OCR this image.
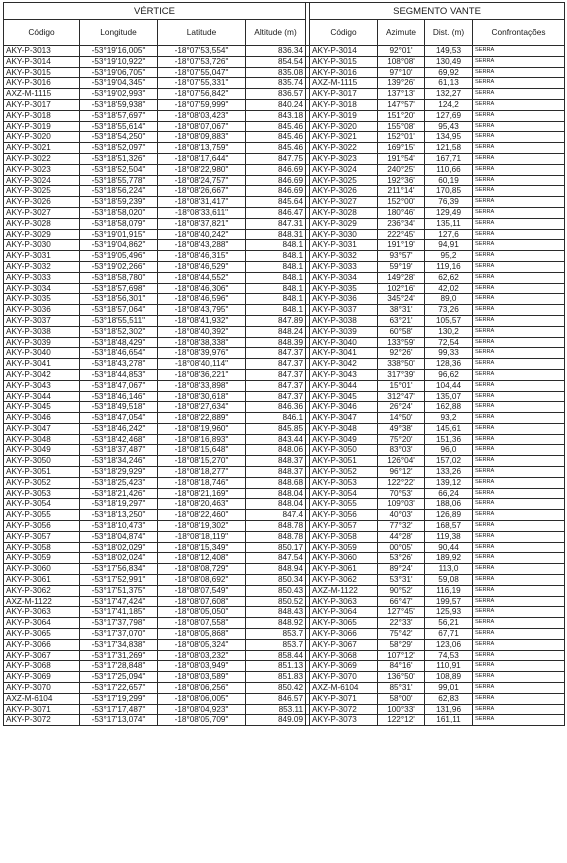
VÉRTICE					SEGMENTO VANTE			
Código	Longitude	Latitude	Altitude (m)		Código	Azimute	Dist. (m)	Confrontações
AKY-P-3013	-53°19'16,005"	-18°07'53,554"	836.34		AKY-P-3014	92°01'	149,53	SERRA
AKY-P-3014	-53°19'10,922"	-18°07'53,726"	854.54		AKY-P-3015	108°08'	130,49	SERRA
AKY-P-3015	-53°19'06,705"	-18°07'55,047"	835.08		AKY-P-3016	97°10'	69,92	SERRA
AKY-P-3016	-53°19'04,345"	-18°07'55,331"	835.74		AXZ-M-1115	139°26'	61,13	SERRA
AXZ-M-1115	-53°19'02,993"	-18°07'56,842"	836.57		AKY-P-3017	137°13'	132,27	SERRA
AKY-P-3017	-53°18'59,938"	-18°07'59,999"	840.24		AKY-P-3018	147°57'	124,2	SERRA
AKY-P-3018	-53°18'57,697"	-18°08'03,423"	843.18		AKY-P-3019	151°20'	127,69	SERRA
AKY-P-3019	-53°18'55,614"	-18°08'07,067"	845.46		AKY-P-3020	155°08'	95,43	SERRA
AKY-P-3020	-53°18'54,250"	-18°08'09,883"	845.46		AKY-P-3021	152°01'	134,95	SERRA
AKY-P-3021	-53°18'52,097"	-18°08'13,759"	845.46		AKY-P-3022	169°15'	121,58	SERRA
AKY-P-3022	-53°18'51,326"	-18°08'17,644"	847.75		AKY-P-3023	191°54'	167,71	SERRA
AKY-P-3023	-53°18'52,504"	-18°08'22,980"	846.69		AKY-P-3024	240°25'	110,66	SERRA
AKY-P-3024	-53°18'55,778"	-18°08'24,757"	846.69		AKY-P-3025	192°36'	60,19	SERRA
AKY-P-3025	-53°18'56,224"	-18°08'26,667"	846.69		AKY-P-3026	211°14'	170,85	SERRA
AKY-P-3026	-53°18'59,239"	-18°08'31,417"	845.64		AKY-P-3027	152°00'	76,39	SERRA
AKY-P-3027	-53°18'58,020"	-18°08'33,611"	846.47		AKY-P-3028	180°46'	129,49	SERRA
AKY-P-3028	-53°18'58,079"	-18°08'37,821"	847.31		AKY-P-3029	236°34'	135,11	SERRA
AKY-P-3029	-53°19'01,915"	-18°08'40,242"	848.31		AKY-P-3030	222°45'	127,6	SERRA
AKY-P-3030	-53°19'04,862"	-18°08'43,288"	848.1		AKY-P-3031	191°19'	94,91	SERRA
AKY-P-3031	-53°19'05,496"	-18°08'46,315"	848.1		AKY-P-3032	93°57'	95,2	SERRA
AKY-P-3032	-53°19'02,266"	-18°08'46,529"	848.1		AKY-P-3033	59°19'	119,16	SERRA
AKY-P-3033	-53°18'58,780"	-18°08'44,552"	848.1		AKY-P-3034	149°28'	62,62	SERRA
AKY-P-3034	-53°18'57,698"	-18°08'46,306"	848.1		AKY-P-3035	102°16'	42,02	SERRA
AKY-P-3035	-53°18'56,301"	-18°08'46,596"	848.1		AKY-P-3036	345°24'	89,0	SERRA
AKY-P-3036	-53°18'57,064"	-18°08'43,795"	848.1		AKY-P-3037	38°31'	73,26	SERRA
AKY-P-3037	-53°18'55,511"	-18°08'41,932"	847.89		AKY-P-3038	63°21'	105,57	SERRA
AKY-P-3038	-53°18'52,302"	-18°08'40,392"	848.24		AKY-P-3039	60°58'	130,2	SERRA
AKY-P-3039	-53°18'48,429"	-18°08'38,338"	848.39		AKY-P-3040	133°59'	72,54	SERRA
AKY-P-3040	-53°18'46,654"	-18°08'39,976"	847.37		AKY-P-3041	92°26'	99,33	SERRA
AKY-P-3041	-53°18'43,278"	-18°08'40,114"	847.37		AKY-P-3042	338°50'	128,36	SERRA
AKY-P-3042	-53°18'44,853"	-18°08'36,221"	847.37		AKY-P-3043	317°39'	96,62	SERRA
AKY-P-3043	-53°18'47,067"	-18°08'33,898"	847.37		AKY-P-3044	15°01'	104,44	SERRA
AKY-P-3044	-53°18'46,146"	-18°08'30,618"	847.37		AKY-P-3045	312°47'	135,07	SERRA
AKY-P-3045	-53°18'49,518"	-18°08'27,634"	846.36		AKY-P-3046	26°24'	162,88	SERRA
AKY-P-3046	-53°18'47,054"	-18°08'22,889"	846.1		AKY-P-3047	14°50'	93,2	SERRA
AKY-P-3047	-53°18'46,242"	-18°08'19,960"	845.85		AKY-P-3048	49°38'	145,61	SERRA
AKY-P-3048	-53°18'42,468"	-18°08'16,893"	843.44		AKY-P-3049	75°20'	151,36	SERRA
AKY-P-3049	-53°18'37,487"	-18°08'15,648"	848.06		AKY-P-3050	83°03'	96,0	SERRA
AKY-P-3050	-53°18'34,246"	-18°08'15,270"	848.37		AKY-P-3051	126°04'	157,02	SERRA
AKY-P-3051	-53°18'29,929"	-18°08'18,277"	848.37		AKY-P-3052	96°12'	133,26	SERRA
AKY-P-3052	-53°18'25,423"	-18°08'18,746"	848.68		AKY-P-3053	122°22'	139,12	SERRA
AKY-P-3053	-53°18'21,426"	-18°08'21,169"	848.04		AKY-P-3054	70°53'	66,24	SERRA
AKY-P-3054	-53°18'19,297"	-18°08'20,463"	848.04		AKY-P-3055	109°03'	188,06	SERRA
AKY-P-3055	-53°18'13,250"	-18°08'22,460"	847.4		AKY-P-3056	40°03'	126,89	SERRA
AKY-P-3056	-53°18'10,473"	-18°08'19,302"	848.78		AKY-P-3057	77°32'	168,57	SERRA
AKY-P-3057	-53°18'04,874"	-18°08'18,119"	848.78		AKY-P-3058	44°28'	119,38	SERRA
AKY-P-3058	-53°18'02,029"	-18°08'15,349"	850.17		AKY-P-3059	00°05'	90,44	SERRA
AKY-P-3059	-53°18'02,024"	-18°08'12,408"	847.54		AKY-P-3060	53°26'	189,92	SERRA
AKY-P-3060	-53°17'56,834"	-18°08'08,729"	848.94		AKY-P-3061	89°24'	113,0	SERRA
AKY-P-3061	-53°17'52,991"	-18°08'08,692"	850.34		AKY-P-3062	53°31'	59,08	SERRA
AKY-P-3062	-53°17'51,375"	-18°08'07,549"	850.43		AXZ-M-1122	90°52'	116,19	SERRA
AXZ-M-1122	-53°17'47,424"	-18°08'07,608"	850.52		AKY-P-3063	66°47'	199,57	SERRA
AKY-P-3063	-53°17'41,185"	-18°08'05,050"	848.43		AKY-P-3064	127°45'	125,93	SERRA
AKY-P-3064	-53°17'37,798"	-18°08'07,558"	848.92		AKY-P-3065	22°33'	56,21	SERRA
AKY-P-3065	-53°17'37,070"	-18°08'05,868"	853.7		AKY-P-3066	75°42'	67,71	SERRA
AKY-P-3066	-53°17'34,838"	-18°08'05,324"	853.7		AKY-P-3067	58°29'	123,06	SERRA
AKY-P-3067	-53°17'31,269"	-18°08'03,232"	858.44		AKY-P-3068	107°12'	74,53	SERRA
AKY-P-3068	-53°17'28,848"	-18°08'03,949"	851.13		AKY-P-3069	84°16'	110,91	SERRA
AKY-P-3069	-53°17'25,094"	-18°08'03,589"	851.83		AKY-P-3070	136°50'	108,89	SERRA
AKY-P-3070	-53°17'22,657"	-18°08'06,256"	850.42		AXZ-M-6104	85°31'	99,01	SERRA
AXZ-M-6104	-53°17'19,299"	-18°08'06,005"	846.57		AKY-P-3071	58°00'	62,83	SERRA
AKY-P-3071	-53°17'17,487"	-18°08'04,923"	853.11		AKY-P-3072	100°33'	131,96	SERRA
AKY-P-3072	-53°17'13,074"	-18°08'05,709"	849.09		AKY-P-3073	122°12'	161,11	SERRA
